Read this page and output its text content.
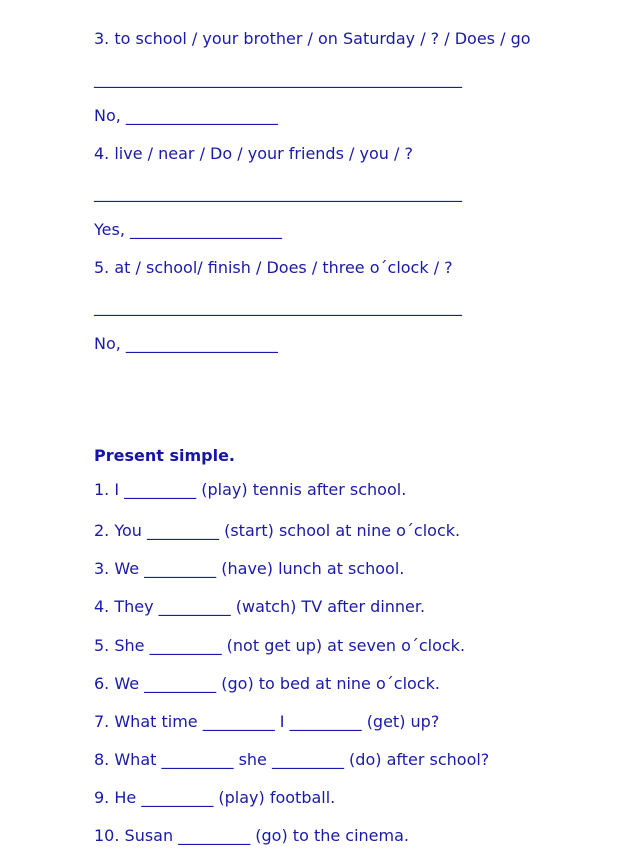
3. to school / your brother / on Saturday / ? / Does / go
______________________________________________
No, ___________________
4. live / near / Do / your friends / you / ?
______________________________________________
Yes, ___________________
5. at / school/ finish / Does / three o´clock / ?
______________________________________________
No, ___________________
Present simple.
1. I _________ (play) tennis after school.
2. You _________ (start) school at nine o´clock.
3. We _________ (have) lunch at school.
4. They _________ (watch) TV after dinner.
5. She _________ (not get up) at seven o´clock.
6. We _________ (go) to bed at nine o´clock.
7. What time _________ I _________ (get) up?
8. What _________ she _________ (do) after school?
9. He _________ (play) football.
10. Susan _________ (go) to the cinema.
